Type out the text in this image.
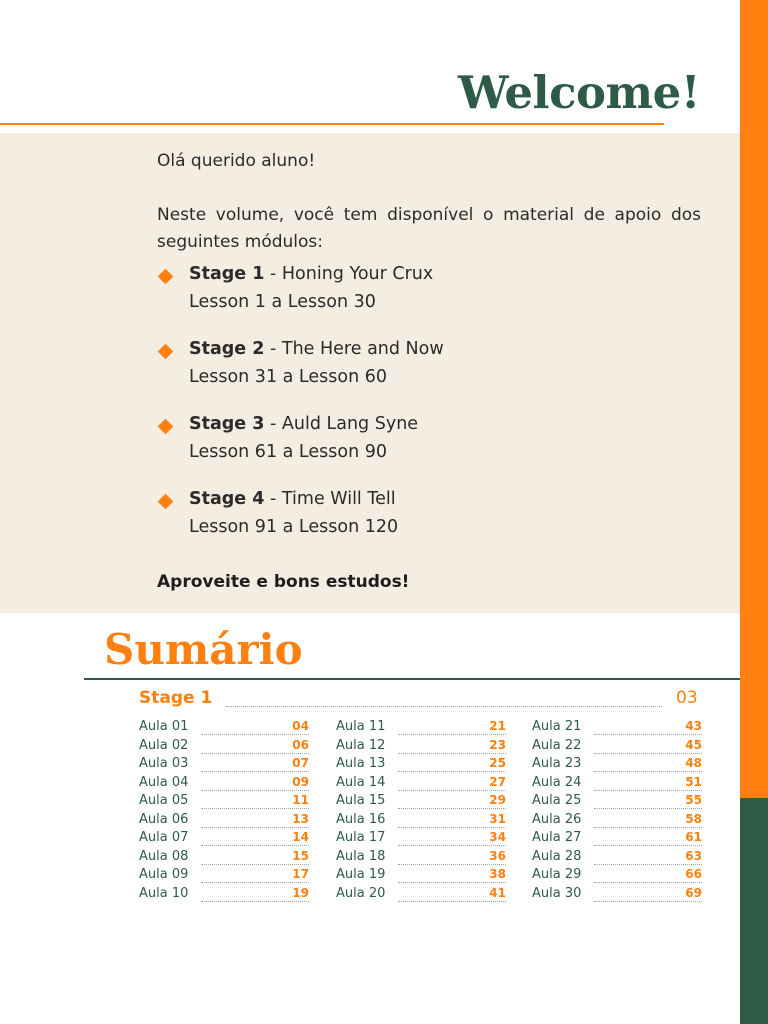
Welcome!

Olá querido aluno!

Neste volume, você tem disponível o material de apoio dos seguintes módulos:

Stage 1 - Honing Your Crux
Lesson 1 a Lesson 30
Stage 2 - The Here and Now
Lesson 31 a Lesson 60
Stage 3 - Auld Lang Syne
Lesson 61 a Lesson 90
Stage 4 - Time Will Tell
Lesson 91 a Lesson 120

Aproveite e bons estudos!

Sumário
Stage 1	03
Aula 01	04
Aula 02	06
Aula 03	07
Aula 04	09
Aula 05	11
Aula 06	13
Aula 07	14
Aula 08	15
Aula 09	17
Aula 10	19
Aula 11	21
Aula 12	23
Aula 13	25
Aula 14	27
Aula 15	29
Aula 16	31
Aula 17	34
Aula 18	36
Aula 19	38
Aula 20	41
Aula 21	43
Aula 22	45
Aula 23	48
Aula 24	51
Aula 25	55
Aula 26	58
Aula 27	61
Aula 28	63
Aula 29	66
Aula 30	69
